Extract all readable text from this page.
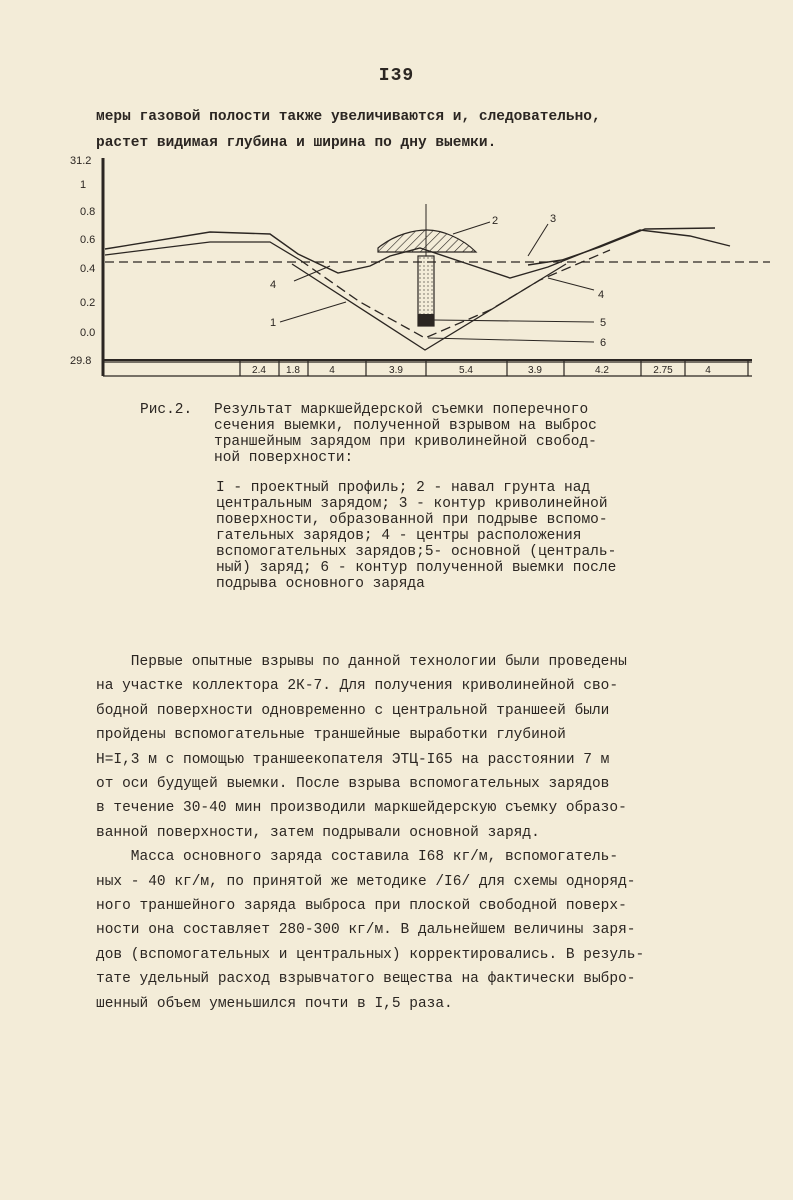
I39
меры газовой полости также увеличиваются и, следовательно,
растет видимая глубина и ширина по дну выемки.
31.2
1
0.8
0.6
0.4
0.2
0.0
29.8
2.4 1.8	4	3.9	5.4	3.9	4.2	2.75	4
1
2	3
4
4
5
6
Рис.2.	Результат маркшейдерской съемки поперечного
сечения выемки, полученной взрывом на выброс
траншейным зарядом при криволинейной свобод-
ной поверхности:
I - проектный профиль; 2 - навал грунта над
центральным зарядом; 3 - контур криволинейной
поверхности, образованной при подрыве вспомо-
гательных зарядов; 4 - центры расположения
вспомогательных зарядов;5- основной (централь-
ный) заряд; 6 - контур полученной выемки после
подрыва основного заряда

Первые опытные взрывы по данной технологии были проведены
на участке коллектора 2К-7. Для получения криволинейной сво-
бодной поверхности одновременно с центральной траншеей были
пройдены вспомогательные траншейные выработки глубиной
H=I,3 м с помощью траншеекопателя ЭТЦ-I65 на расстоянии 7 м
от оси будущей выемки. После взрыва вспомогательных зарядов
в течение 30-40 мин производили маркшейдерскую съемку образо-
ванной поверхности, затем подрывали основной заряд.

Масса основного заряда составила I68 кг/м, вспомогатель-
ных - 40 кг/м, по принятой же методике /I6/ для схемы одноряд-
ного траншейного заряда выброса при плоской свободной поверх-
ности она составляет 280-300 кг/м. В дальнейшем величины заря-
дов (вспомогательных и центральных) корректировались. В резуль-
тате удельный расход взрывчатого вещества на фактически выбро-
шенный объем уменьшился почти в I,5 раза.
